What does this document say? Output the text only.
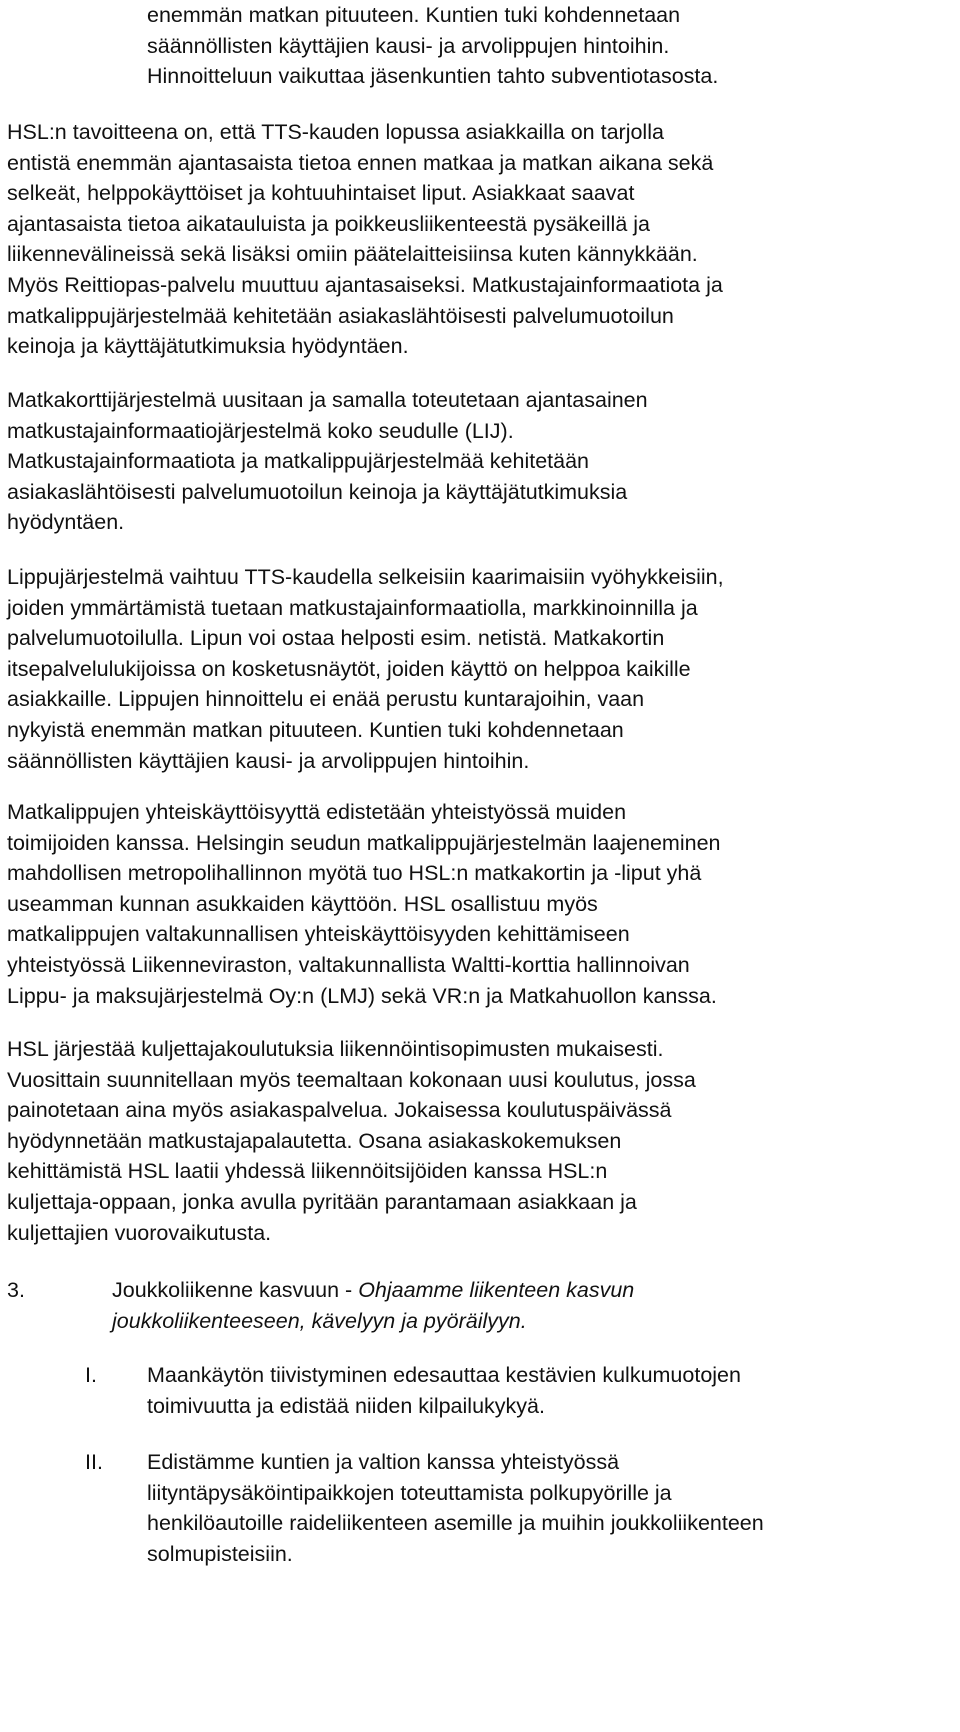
enemmän matkan pituuteen. Kuntien tuki kohdennetaan
säännöllisten käyttäjien kausi- ja arvolippujen hintoihin.
Hinnoitteluun vaikuttaa jäsenkuntien tahto subventiotasosta.
HSL:n tavoitteena on, että TTS-kauden lopussa asiakkailla on tarjolla
entistä enemmän ajantasaista tietoa ennen matkaa ja matkan aikana sekä
selkeät, helppokäyttöiset ja kohtuuhintaiset liput. Asiakkaat saavat
ajantasaista tietoa aikatauluista ja poikkeusliikenteestä pysäkeillä ja
liikennevälineissä sekä lisäksi omiin päätelaitteisiinsa kuten kännykkään.
Myös Reittiopas-palvelu muuttuu ajantasaiseksi. Matkustajainformaatiota ja
matkalippujärjestelmää kehitetään asiakaslähtöisesti palvelumuotoilun
keinoja ja käyttäjätutkimuksia hyödyntäen.
Matkakorttijärjestelmä uusitaan ja samalla toteutetaan ajantasainen
matkustajainformaatiojärjestelmä koko seudulle (LIJ).
Matkustajainformaatiota ja matkalippujärjestelmää kehitetään
asiakaslähtöisesti palvelumuotoilun keinoja ja käyttäjätutkimuksia
hyödyntäen.
Lippujärjestelmä vaihtuu TTS-kaudella selkeisiin kaarimaisiin vyöhykkeisiin,
joiden ymmärtämistä tuetaan matkustajainformaatiolla, markkinoinnilla ja
palvelumuotoilulla. Lipun voi ostaa helposti esim. netistä. Matkakortin
itsepalvelulukijoissa on kosketusnäytöt, joiden käyttö on helppoa kaikille
asiakkaille. Lippujen hinnoittelu ei enää perustu kuntarajoihin, vaan
nykyistä enemmän matkan pituuteen. Kuntien tuki kohdennetaan
säännöllisten käyttäjien kausi- ja arvolippujen hintoihin.
Matkalippujen yhteiskäyttöisyyttä edistetään yhteistyössä muiden
toimijoiden kanssa. Helsingin seudun matkalippujärjestelmän laajeneminen
mahdollisen metropolihallinnon myötä tuo HSL:n matkakortin ja -liput yhä
useamman kunnan asukkaiden käyttöön. HSL osallistuu myös
matkalippujen valtakunnallisen yhteiskäyttöisyyden kehittämiseen
yhteistyössä Liikenneviraston, valtakunnallista Waltti-korttia hallinnoivan
Lippu- ja maksujärjestelmä Oy:n (LMJ) sekä VR:n ja Matkahuollon kanssa.
HSL järjestää kuljettajakoulutuksia liikennöintisopimusten mukaisesti.
Vuosittain suunnitellaan myös teemaltaan kokonaan uusi koulutus, jossa
painotetaan aina myös asiakaspalvelua. Jokaisessa koulutuspäivässä
hyödynnetään matkustajapalautetta. Osana asiakaskokemuksen
kehittämistä HSL laatii yhdessä liikennöitsijöiden kanssa HSL:n
kuljettaja-oppaan, jonka avulla pyritään parantamaan asiakkaan ja
kuljettajien vuorovaikutusta.
3.	Joukkoliikenne kasvuun - Ohjaamme liikenteen kasvun
joukkoliikenteeseen, kävelyyn ja pyöräilyyn.
I. Maankäytön tiivistyminen edesauttaa kestävien kulkumuotojen
toimivuutta ja edistää niiden kilpailukykyä.
II. Edistämme kuntien ja valtion kanssa yhteistyössä
liityntäpysäköintipaikkojen toteuttamista polkupyörille ja
henkilöautoille raideliikenteen asemille ja muihin joukkoliikenteen
solmupisteisiin.
